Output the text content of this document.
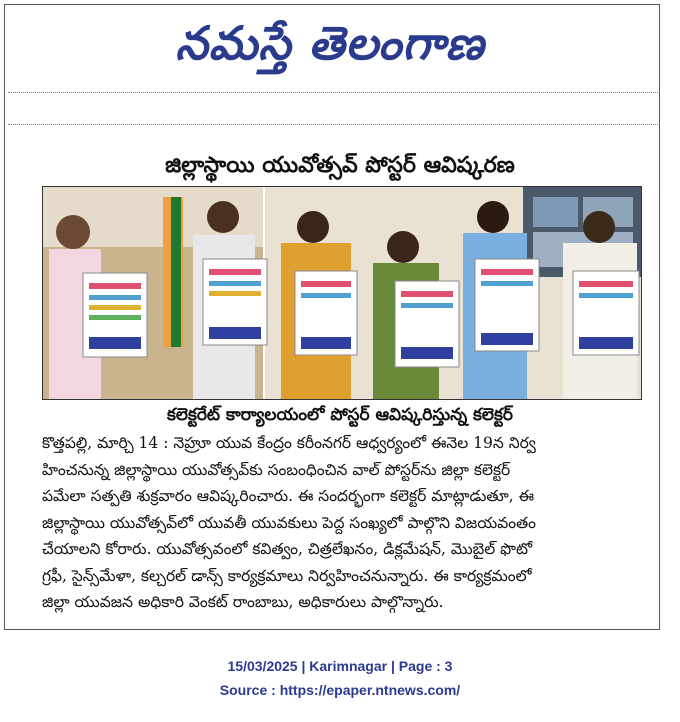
నమస్తే తెలంగాణ
జిల్లాస్థాయి యువోత్సవ్ పోస్టర్ ఆవిష్కరణ
కలెక్టరేట్ కార్యాలయంలో పోస్టర్ ఆవిష్కరిస్తున్న కలెక్టర్
కొత్తపల్లి, మార్చి 14 : నెహ్రూ యువ కేంద్రం కరీంనగర్ ఆధ్వర్యంలో ఈనెల 19న నిర్వ
హించనున్న జిల్లాస్థాయి యువోత్సవ్‌కు సంబంధించిన వాల్ పోస్టర్‌ను జిల్లా కలెక్టర్
పమేలా సత్పతి శుక్రవారం ఆవిష్కరించారు. ఈ సందర్భంగా కలెక్టర్ మాట్లాడుతూ, ఈ
జిల్లాస్థాయి యువోత్సవ్‌లో యువతీ యువకులు పెద్ద సంఖ్యలో పాల్గొని విజయవంతం
చేయాలని కోరారు. యువోత్సవంలో కవిత్వం, చిత్రలేఖనం, డిక్లమేషన్, మొబైల్ ఫొటో
గ్రఫీ, సైన్స్‌మేళా, కల్చరల్ డాన్స్ కార్యక్రమాలు నిర్వహించనున్నారు. ఈ కార్యక్రమంలో
జిల్లా యువజన అధికారి వెంకట్ రాంబాబు, అధికారులు పాల్గొన్నారు.
15/03/2025 | Karimnagar | Page : 3
Source : https://epaper.ntnews.com/
